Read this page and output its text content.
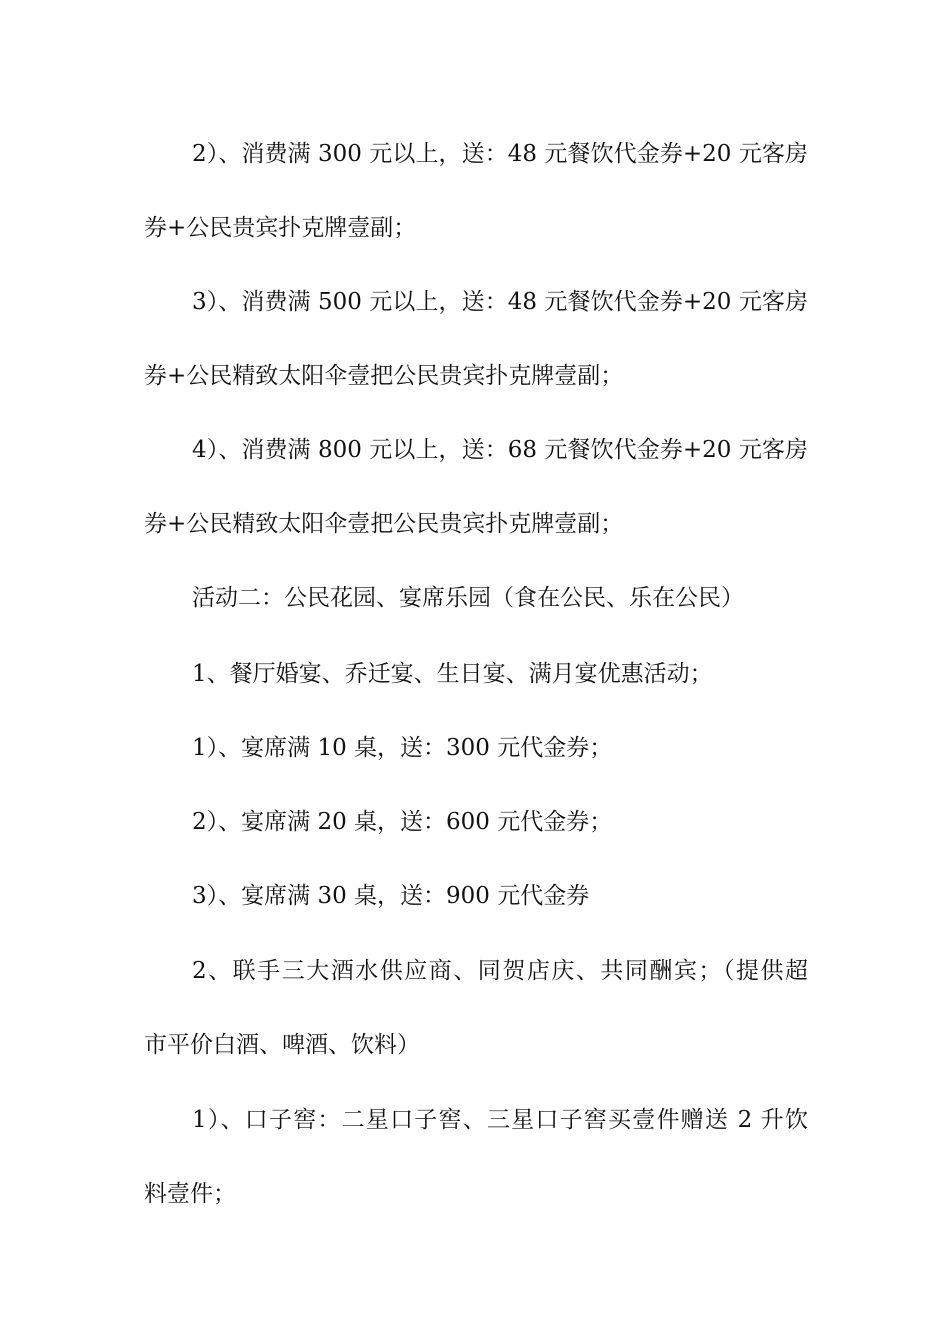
2）、消费满 300 元以上，送：48 元餐饮代金券+20 元客房
券+公民贵宾扑克牌壹副；
3）、消费满 500 元以上，送：48 元餐饮代金券+20 元客房
券+公民精致太阳伞壹把公民贵宾扑克牌壹副；
4）、消费满 800 元以上，送：68 元餐饮代金券+20 元客房
券+公民精致太阳伞壹把公民贵宾扑克牌壹副；
活动二：公民花园、宴席乐园（食在公民、乐在公民）
1、餐厅婚宴、乔迁宴、生日宴、满月宴优惠活动；
1）、宴席满 10 桌，送：300 元代金券；
2）、宴席满 20 桌，送：600 元代金券；
3）、宴席满 30 桌，送：900 元代金券
2、联手三大酒水供应商、同贺店庆、共同酬宾；（提供超
市平价白酒、啤酒、饮料）
1）、口子窖：二星口子窖、三星口子窖买壹件赠送 2 升饮
料壹件；
